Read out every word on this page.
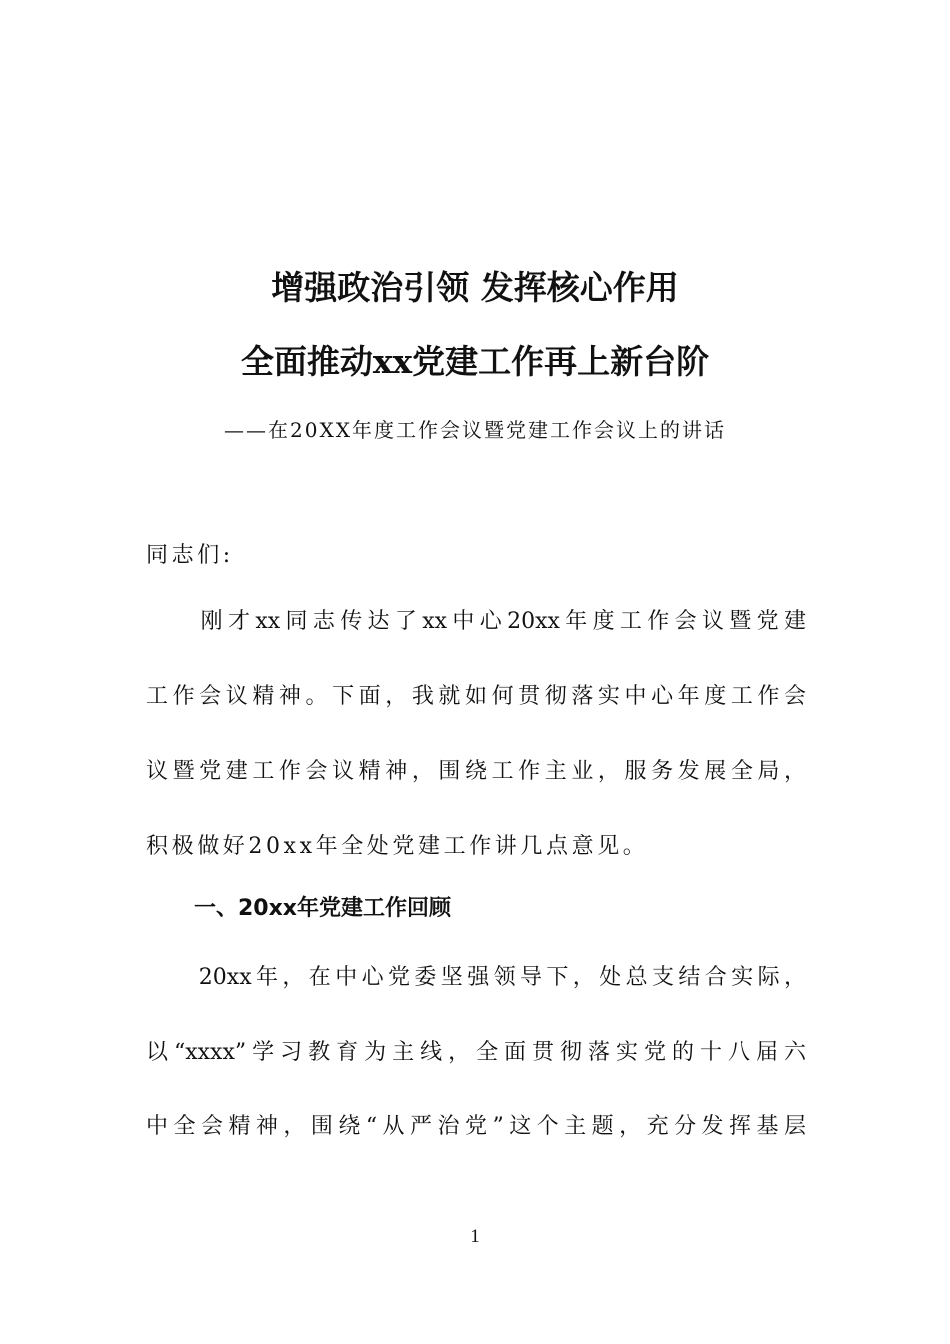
增强政治引领 发挥核心作用
全面推动xx党建工作再上新台阶
——在20XX年度工作会议暨党建工作会议上的讲话
同志们:
　　刚才xx同志传达了xx中心20xx年度工作会议暨党建
工作会议精神。下面，我就如何贯彻落实中心年度工作会
议暨党建工作会议精神，围绕工作主业，服务发展全局，
积极做好20xx年全处党建工作讲几点意见。
一、20xx年党建工作回顾
　　20xx年，在中心党委坚强领导下，处总支结合实际，
以“xxxx”学习教育为主线，全面贯彻落实党的十八届六
中全会精神，围绕“从严治党”这个主题，充分发挥基层
1
